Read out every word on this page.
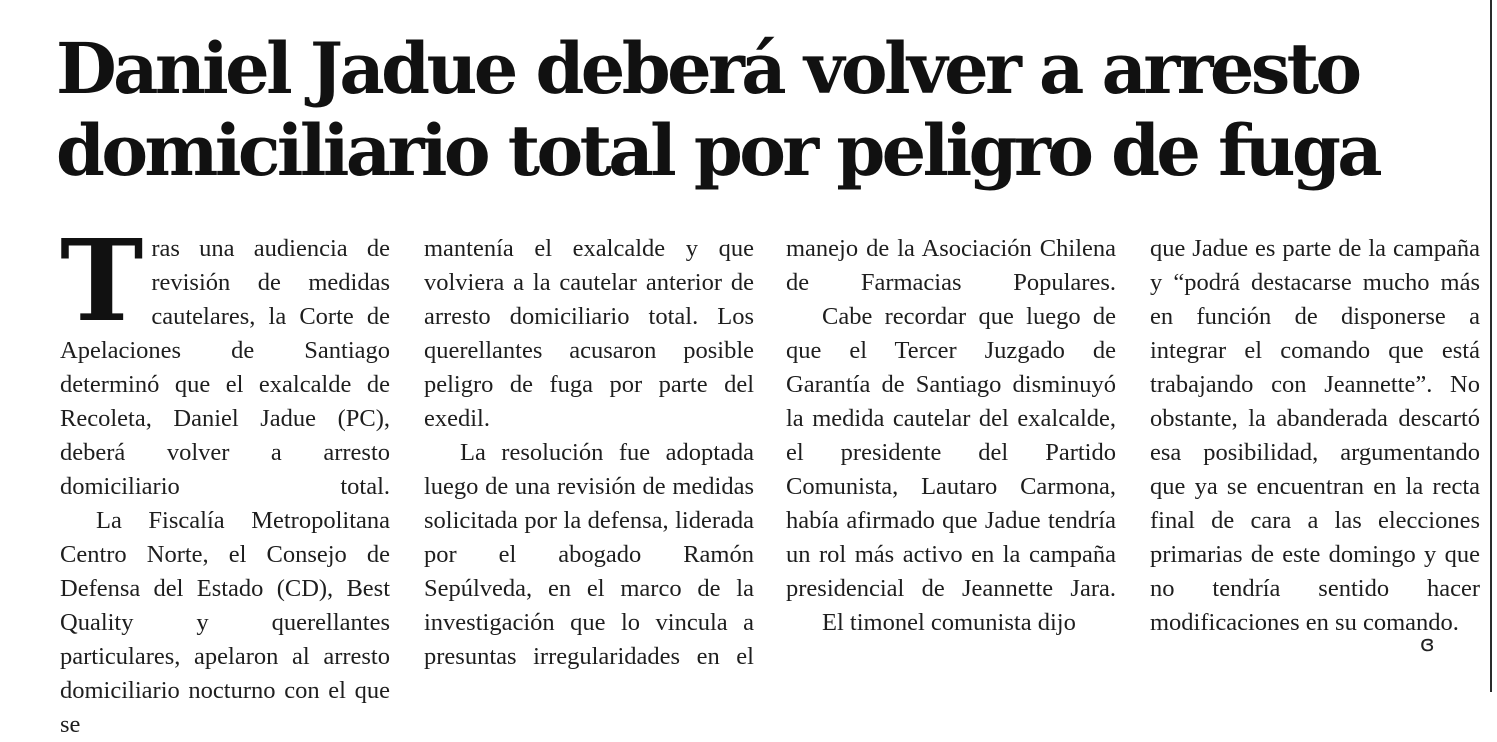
Daniel Jadue deberá volver a arresto
domiciliario total por peligro de fuga

Tras una audiencia de revisión de medidas cautelares, la Corte de Apelaciones de Santiago determinó que el exalcalde de Recoleta, Daniel Jadue (PC), deberá volver a arresto domiciliario total.

La Fiscalía Metropolitana Centro Norte, el Consejo de Defensa del Estado (CD), Best Quality y querellantes particulares, apelaron al arresto domiciliario nocturno con el que se

mantenía el exalcalde y que volviera a la cautelar anterior de arresto domiciliario total. Los querellantes acusaron posible peligro de fuga por parte del exedil.

La resolución fue adoptada luego de una revisión de medidas solicitada por la defensa, liderada por el abogado Ramón Sepúlveda, en el marco de la investigación que lo vincula a presuntas irregularidades en el

manejo de la Asociación Chilena de Farmacias Populares.

Cabe recordar que luego de que el Tercer Juzgado de Garantía de Santiago disminuyó la medida cautelar del exalcalde, el presidente del Partido Comunista, Lautaro Carmona, había afirmado que Jadue tendría un rol más activo en la campaña presidencial de Jeannette Jara.

El timonel comunista dijo

que Jadue es parte de la campaña y “podrá destacarse mucho más en función de disponerse a integrar el comando que está trabajando con Jeannette”. No obstante, la abanderada descartó esa posibilidad, argumentando que ya se encuentran en la recta final de cara a las elecciones primarias de este domingo y que no tendría sentido hacer modificaciones en su comando.

ɞ
